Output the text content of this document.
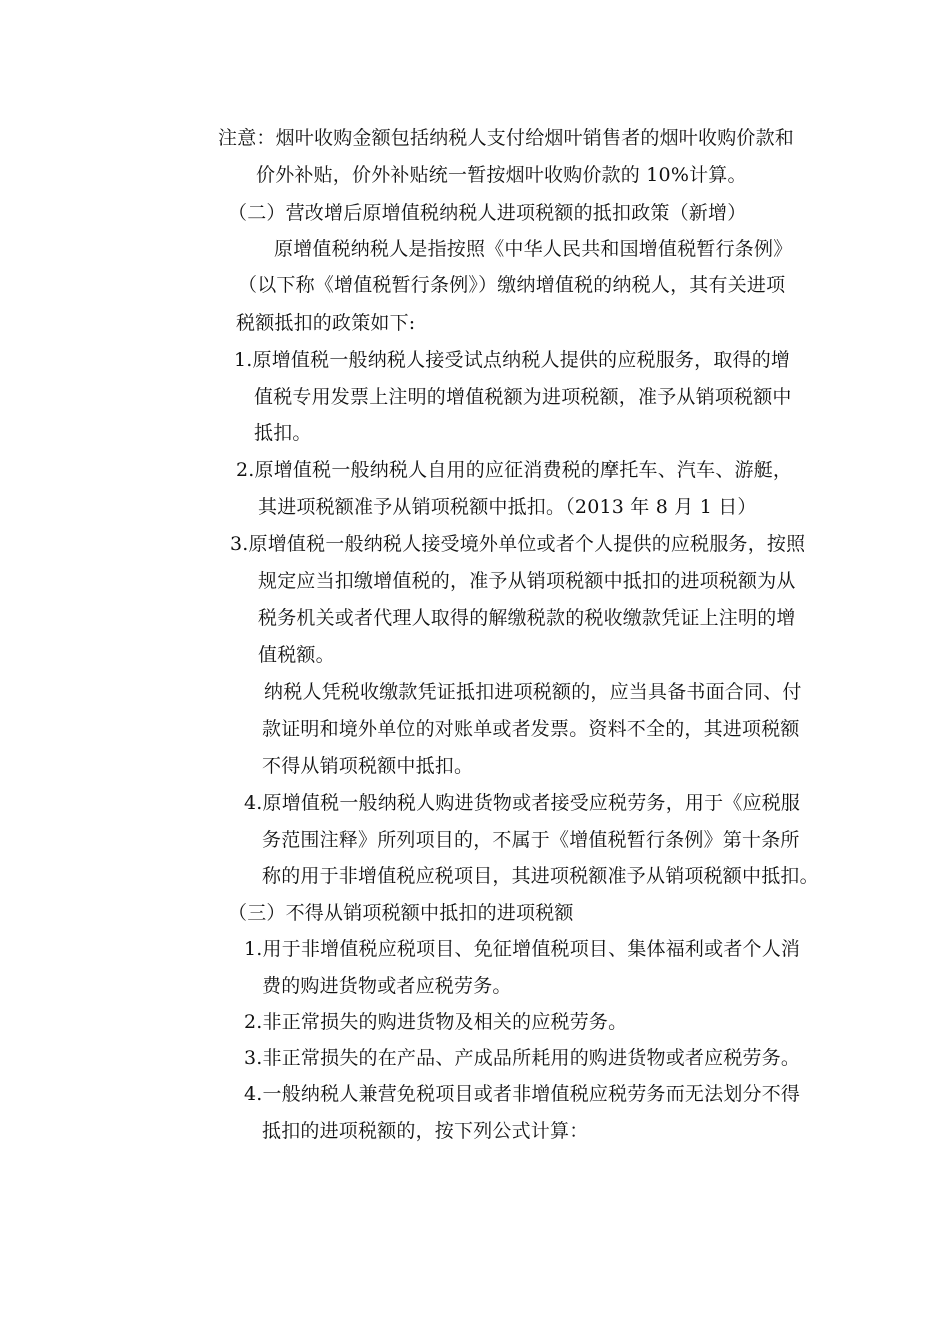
注意：烟叶收购金额包括纳税人支付给烟叶销售者的烟叶收购价款和
价外补贴，价外补贴统一暂按烟叶收购价款的 10%计算。
（二）营改增后原增值税纳税人进项税额的抵扣政策（新增）
原增值税纳税人是指按照《中华人民共和国增值税暂行条例》
（以下称《增值税暂行条例》）缴纳增值税的纳税人，其有关进项
税额抵扣的政策如下:
1.原增值税一般纳税人接受试点纳税人提供的应税服务，取得的增
值税专用发票上注明的增值税额为进项税额，准予从销项税额中
抵扣。
2.原增值税一般纳税人自用的应征消费税的摩托车、汽车、游艇，
其进项税额准予从销项税额中抵扣。（2013 年 8 月 1 日）
3.原增值税一般纳税人接受境外单位或者个人提供的应税服务，按照
规定应当扣缴增值税的，准予从销项税额中抵扣的进项税额为从
税务机关或者代理人取得的解缴税款的税收缴款凭证上注明的增
值税额。
纳税人凭税收缴款凭证抵扣进项税额的，应当具备书面合同、付
款证明和境外单位的对账单或者发票。资料不全的，其进项税额
不得从销项税额中抵扣。
4.原增值税一般纳税人购进货物或者接受应税劳务，用于《应税服
务范围注释》所列项目的，不属于《增值税暂行条例》第十条所
称的用于非增值税应税项目，其进项税额准予从销项税额中抵扣。
（三）不得从销项税额中抵扣的进项税额
1.用于非增值税应税项目、免征增值税项目、集体福利或者个人消
费的购进货物或者应税劳务。
2.非正常损失的购进货物及相关的应税劳务。
3.非正常损失的在产品、产成品所耗用的购进货物或者应税劳务。
4.一般纳税人兼营免税项目或者非增值税应税劳务而无法划分不得
抵扣的进项税额的，按下列公式计算：
